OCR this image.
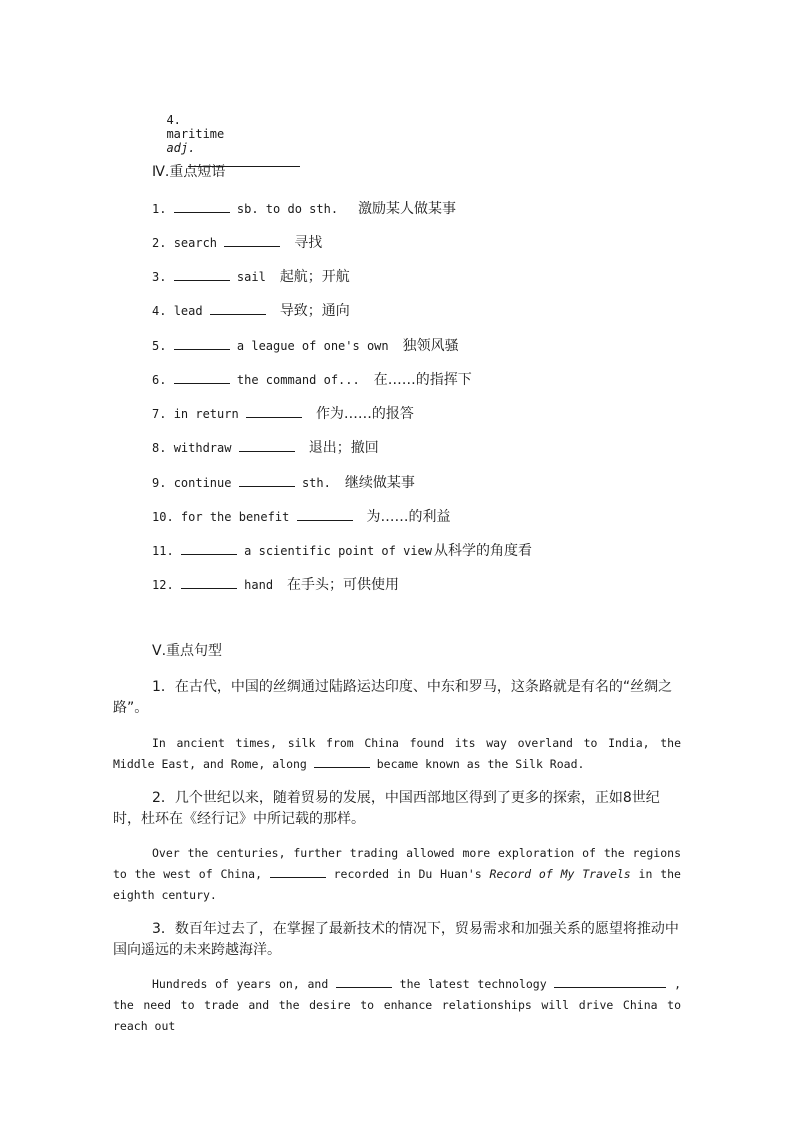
4.
maritime
adj.

Ⅳ.重点短语
1.	sb. to do sth. 激励某人做某事
2. search	寻找
3.	sail 起航；开航
4. lead	导致；通向
5.	a league of one's own 独领风骚
6.	the command of... 在……的指挥下
7. in return	作为……的报答
8. withdraw	退出；撤回
9. continue	sth. 继续做某事
10. for the benefit	为……的利益
11.	a scientific point of view 从科学的角度看
12.	hand 在手头；可供使用
Ⅴ.重点句型
1．在古代，中国的丝绸通过陆路运达印度、中东和罗马，这条路就是有名的“丝绸之路”。
In ancient times, silk from China found its way overland to India, the Middle East, and Rome, along	became known as the Silk Road.
2．几个世纪以来，随着贸易的发展，中国西部地区得到了更多的探索，正如8世纪时，杜环在《经行记》中所记载的那样。
Over the centuries, further trading allowed more exploration of the regions to the west of China,	recorded in Du Huan's Record of My Travels in the eighth century.
3．数百年过去了，在掌握了最新技术的情况下，贸易需求和加强关系的愿望将推动中国向遥远的未来跨越海洋。
Hundreds of years on, and	the latest technology	, the need to trade and the desire to enhance relationships will drive China to reach out
